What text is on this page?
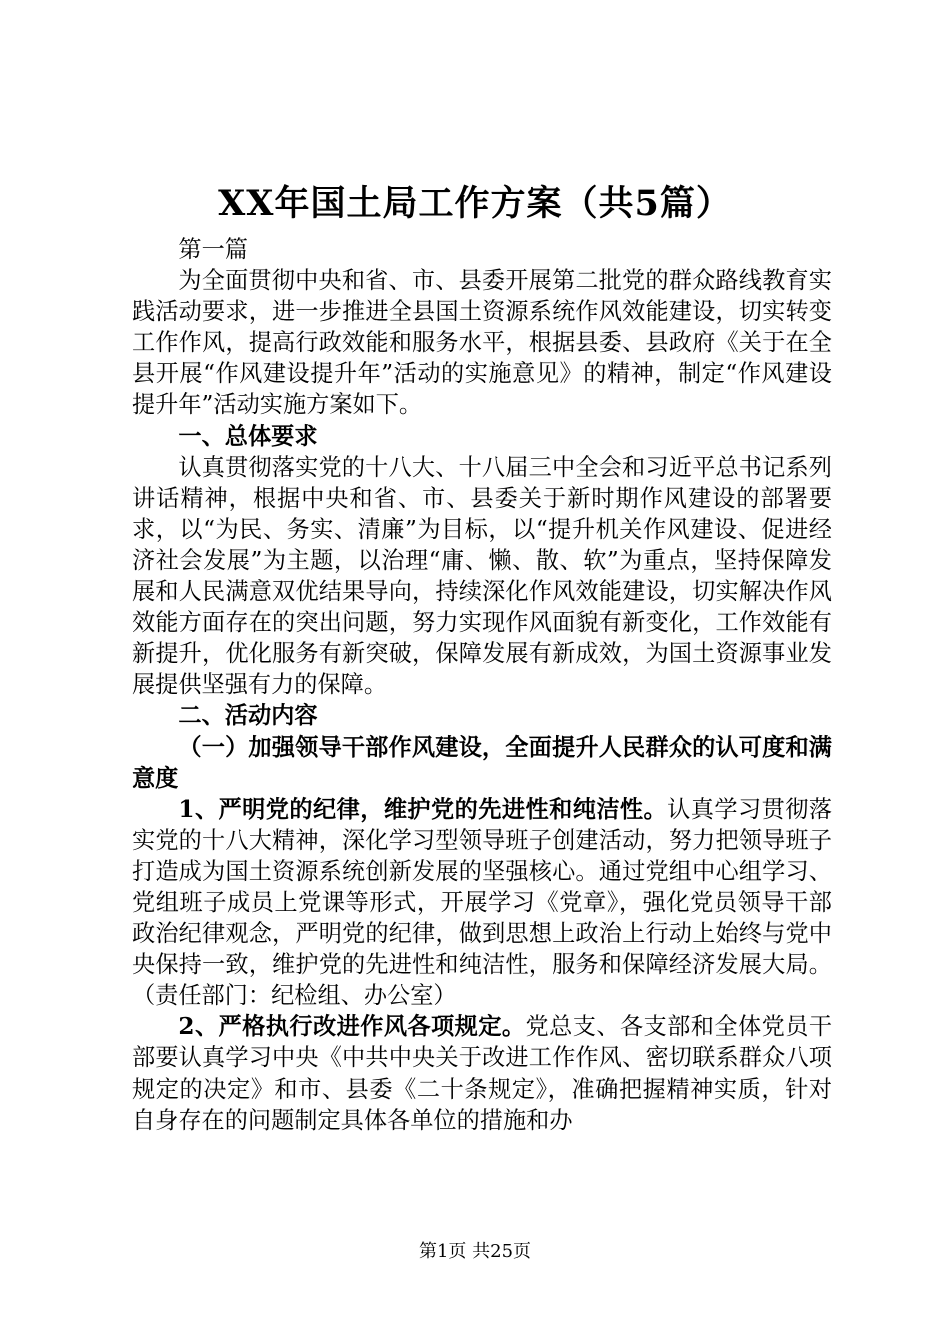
XX年国土局工作方案（共5篇）

第一篇

为全面贯彻中央和省、市、县委开展第二批党的群众路线教育实践活动要求，进一步推进全县国土资源系统作风效能建设，切实转变工作作风，提高行政效能和服务水平，根据县委、县政府《关于在全县开展“作风建设提升年”活动的实施意见》的精神，制定“作风建设提升年”活动实施方案如下。

一、总体要求

认真贯彻落实党的十八大、十八届三中全会和习近平总书记系列讲话精神，根据中央和省、市、县委关于新时期作风建设的部署要求，以“为民、务实、清廉”为目标，以“提升机关作风建设、促进经济社会发展”为主题，以治理“庸、懒、散、软”为重点，坚持保障发展和人民满意双优结果导向，持续深化作风效能建设，切实解决作风效能方面存在的突出问题，努力实现作风面貌有新变化，工作效能有新提升，优化服务有新突破，保障发展有新成效，为国土资源事业发展提供坚强有力的保障。

二、活动内容

（一）加强领导干部作风建设，全面提升人民群众的认可度和满意度

1、严明党的纪律，维护党的先进性和纯洁性。认真学习贯彻落实党的十八大精神，深化学习型领导班子创建活动，努力把领导班子打造成为国土资源系统创新发展的坚强核心。通过党组中心组学习、党组班子成员上党课等形式，开展学习《党章》，强化党员领导干部政治纪律观念，严明党的纪律，做到思想上政治上行动上始终与党中央保持一致，维护党的先进性和纯洁性，服务和保障经济发展大局。（责任部门：纪检组、办公室）

2、严格执行改进作风各项规定。党总支、各支部和全体党员干部要认真学习中央《中共中央关于改进工作作风、密切联系群众八项规定的决定》和市、县委《二十条规定》，准确把握精神实质，针对自身存在的问题制定具体各单位的措施和办

第1页 共25页
